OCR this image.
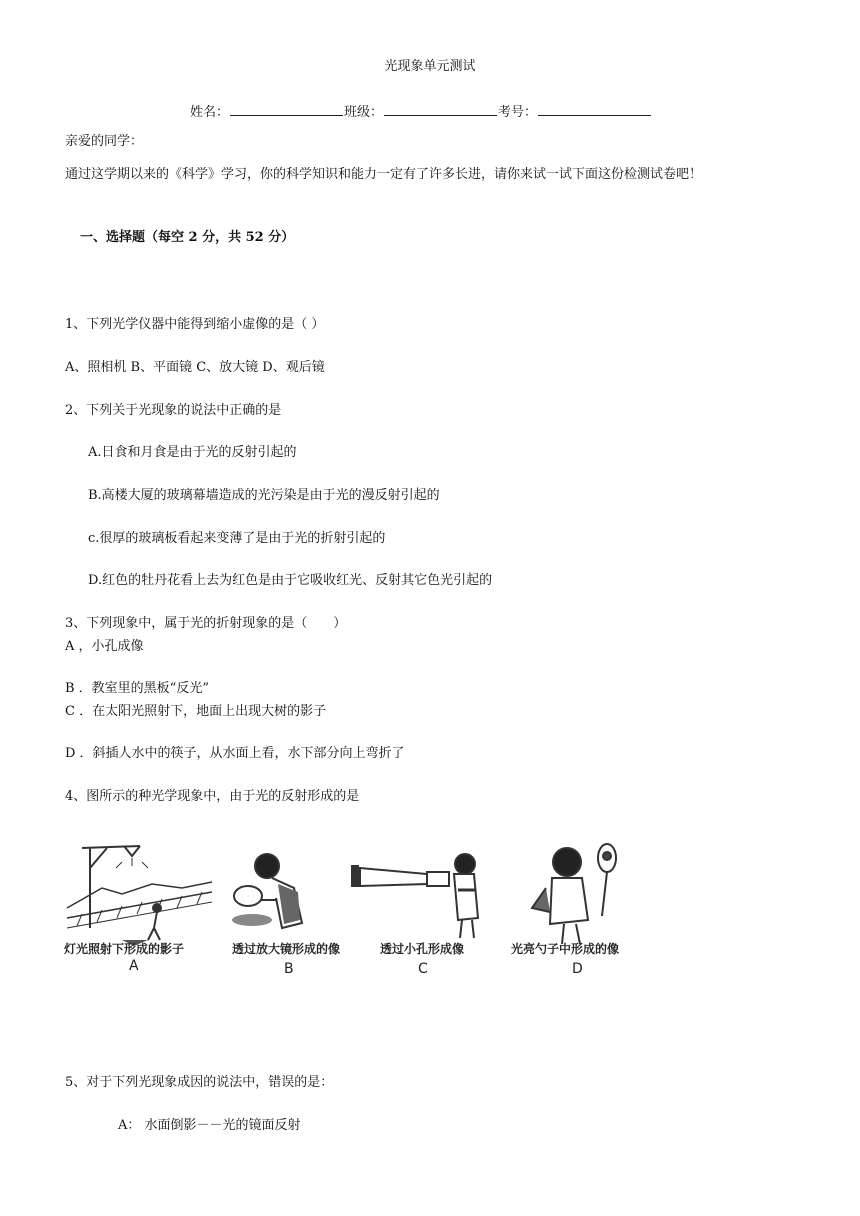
光现象单元测试
姓名：	班级：	考号：
亲爱的同学：
通过这学期以来的《科学》学习，你的科学知识和能力一定有了许多长进，请你来试一试下面这份检测试卷吧！
一、选择题（每空 2 分，共 52 分）
1、下列光学仪器中能得到缩小虚像的是（ ）
A、照相机 B、平面镜 C、放大镜 D、观后镜
2、下列关于光现象的说法中正确的是
A.日食和月食是由于光的反射引起的
B.高楼大厦的玻璃幕墙造成的光污染是由于光的漫反射引起的
c.很厚的玻璃板看起来变薄了是由于光的折射引起的
D.红色的牡丹花看上去为红色是由于它吸收红光、反射其它色光引起的
3、下列现象中，属于光的折射现象的是（　　）
A ，小孔成像
B ．教室里的黑板“反光”
C ．在太阳光照射下，地面上出现大树的影子
D ．斜插人水中的筷子，从水面上看，水下部分向上弯折了
4、图所示的种光学现象中，由于光的反射形成的是
灯光照射下形成的影子	透过放大镜形成的像	透过小孔形成像	光亮勺子中形成的像
A	B	C	D
5、对于下列光现象成因的说法中，错误的是：
A： 水面倒影－－光的镜面反射
